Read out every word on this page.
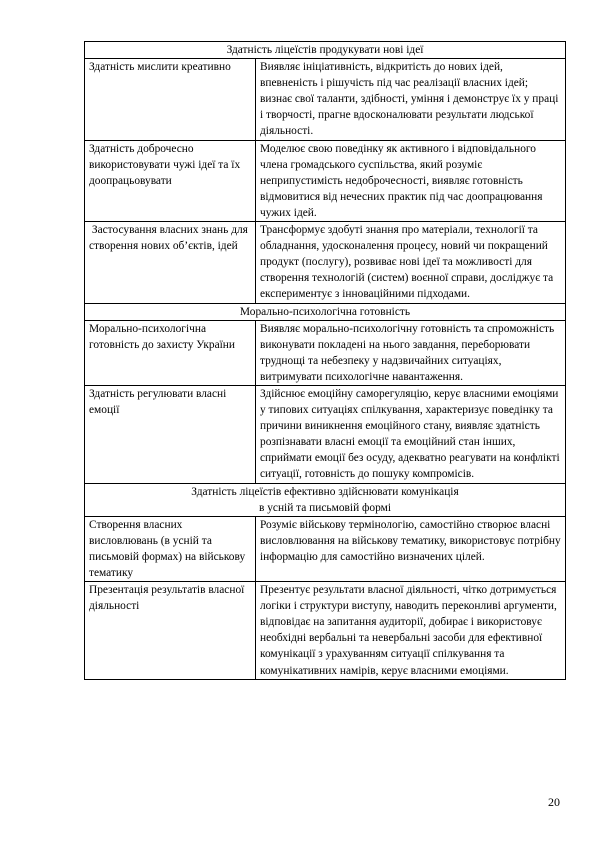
Здатність ліцеїстів продукувати нові ідеї	
Здатність мислити креативно	Виявляє ініціативність, відкритість до нових ідей, впевненість і рішучість під час реалізації власних ідей; визнає свої таланти, здібності, уміння і демонструє їх у праці і творчості, прагне вдосконалювати результати людської діяльності.
Здатність доброчесно використовувати чужі ідеї та їх доопрацьовувати	Моделює свою поведінку як активного і відповідального члена громадського суспільства, який розуміє неприпустимість недоброчесності, виявляє готовність відмовитися від нечесних практик під час доопрацювання чужих ідей.
Застосування власних знань для створення нових об’єктів, ідей	Трансформує здобуті знання про матеріали, технології та обладнання, удосконалення процесу, новий чи покращений продукт (послугу), розвиває нові ідеї та можливості для створення технологій (систем) воєнної справи, досліджує та експериментує з інноваційними підходами.
Морально-психологічна готовність	
Морально-психологічна готовність до захисту України	Виявляє морально-психологічну готовність та спроможність виконувати покладені на нього завдання, переборювати труднощі та небезпеку у надзвичайних ситуаціях, витримувати психологічне навантаження.
Здатність регулювати власні емоції	Здійснює емоційну саморегуляцію, керує власними емоціями у типових ситуаціях спілкування, характеризує поведінку та причини виникнення емоційного стану, виявляє здатність розпізнавати власні емоції та емоційний стан інших, сприймати емоції без осуду, адекватно реагувати на конфлікті ситуації, готовність до пошуку компромісів.

Здатність ліцеїстів ефективно здійснювати комунікація
в усній та письмовій формі	

Створення власних висловлювань (в усній та письмовій формах) на військову тематику	Розуміє військову термінологію, самостійно створює власні висловлювання на військову тематику, використовує потрібну інформацію для самостійно визначених цілей.
Презентація результатів власної діяльності	Презентує результати власної діяльності, чітко дотримується логіки і структури виступу, наводить переконливі аргументи, відповідає на запитання аудиторії, добирає і використовує необхідні вербальні та невербальні засоби для ефективної комунікації з урахуванням ситуації спілкування та комунікативних намірів, керує власними емоціями.
20
